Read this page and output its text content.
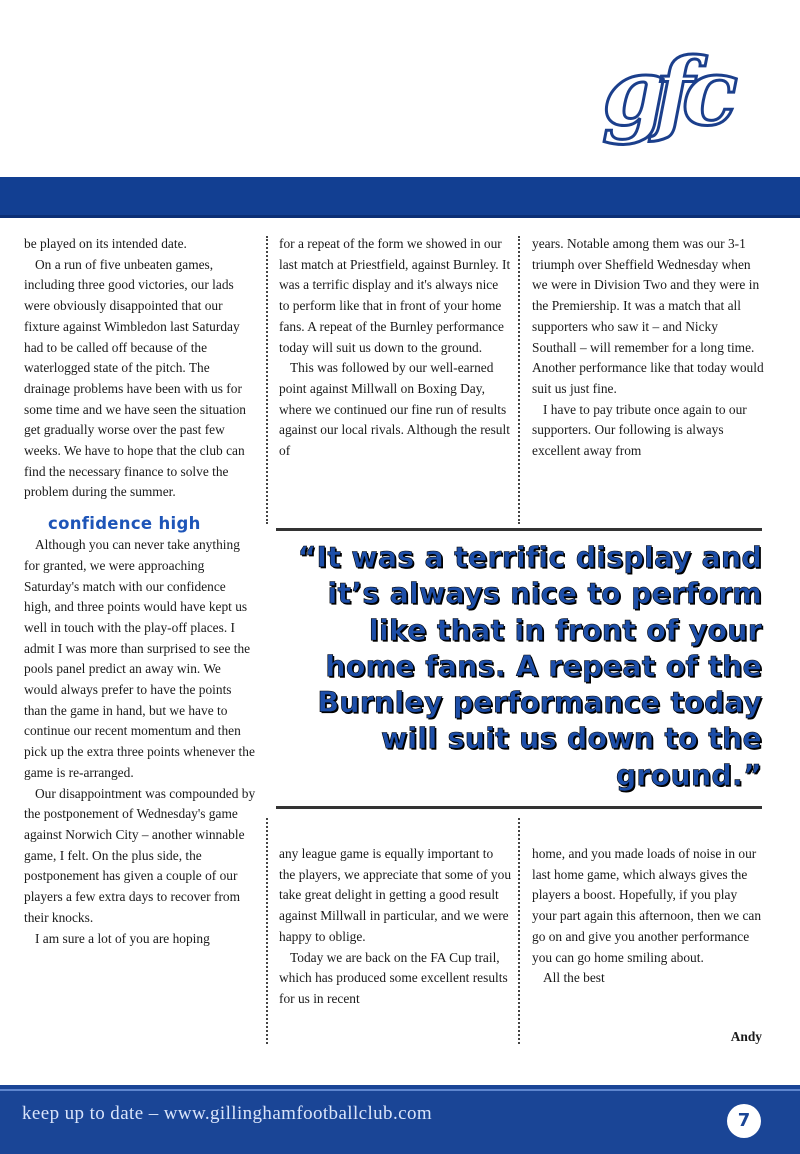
gfc

be played on its intended date.

On a run of five unbeaten games, including three good victories, our lads were obviously disappointed that our fixture against Wimbledon last Saturday had to be called off because of the waterlogged state of the pitch. The drainage problems have been with us for some time and we have seen the situation get gradually worse over the past few weeks. We have to hope that the club can find the necessary finance to solve the problem during the summer.

confidence high

Although you can never take anything for granted, we were approaching Saturday's match with our confidence high, and three points would have kept us well in touch with the play-off places. I admit I was more than surprised to see the pools panel predict an away win. We would always prefer to have the points than the game in hand, but we have to continue our recent momentum and then pick up the extra three points whenever the game is re-arranged.

Our disappointment was compounded by the postponement of Wednesday's game against Norwich City – another winnable game, I felt. On the plus side, the postponement has given a couple of our players a few extra days to recover from their knocks.

I am sure a lot of you are hoping

for a repeat of the form we showed in our last match at Priestfield, against Burnley. It was a terrific display and it's always nice to perform like that in front of your home fans. A repeat of the Burnley performance today will suit us down to the ground.

This was followed by our well-earned point against Millwall on Boxing Day, where we continued our fine run of results against our local rivals. Although the result of

years. Notable among them was our 3-1 triumph over Sheffield Wednesday when we were in Division Two and they were in the Premiership. It was a match that all supporters who saw it – and Nicky Southall – will remember for a long time. Another performance like that today would suit us just fine.

I have to pay tribute once again to our supporters. Our following is always excellent away from

“It was a terrific display and it’s always nice to perform like that in front of your home fans. A repeat of the Burnley performance today will suit us down to the ground.”

any league game is equally important to the players, we appreciate that some of you take great delight in getting a good result against Millwall in particular, and we were happy to oblige.

Today we are back on the FA Cup trail, which has produced some excellent results for us in recent

home, and you made loads of noise in our last home game, which always gives the players a boost. Hopefully, if you play your part again this afternoon, then we can go on and give you another performance you can go home smiling about.

All the best

Andy
keep up to date – www.gillinghamfootballclub.com	7
